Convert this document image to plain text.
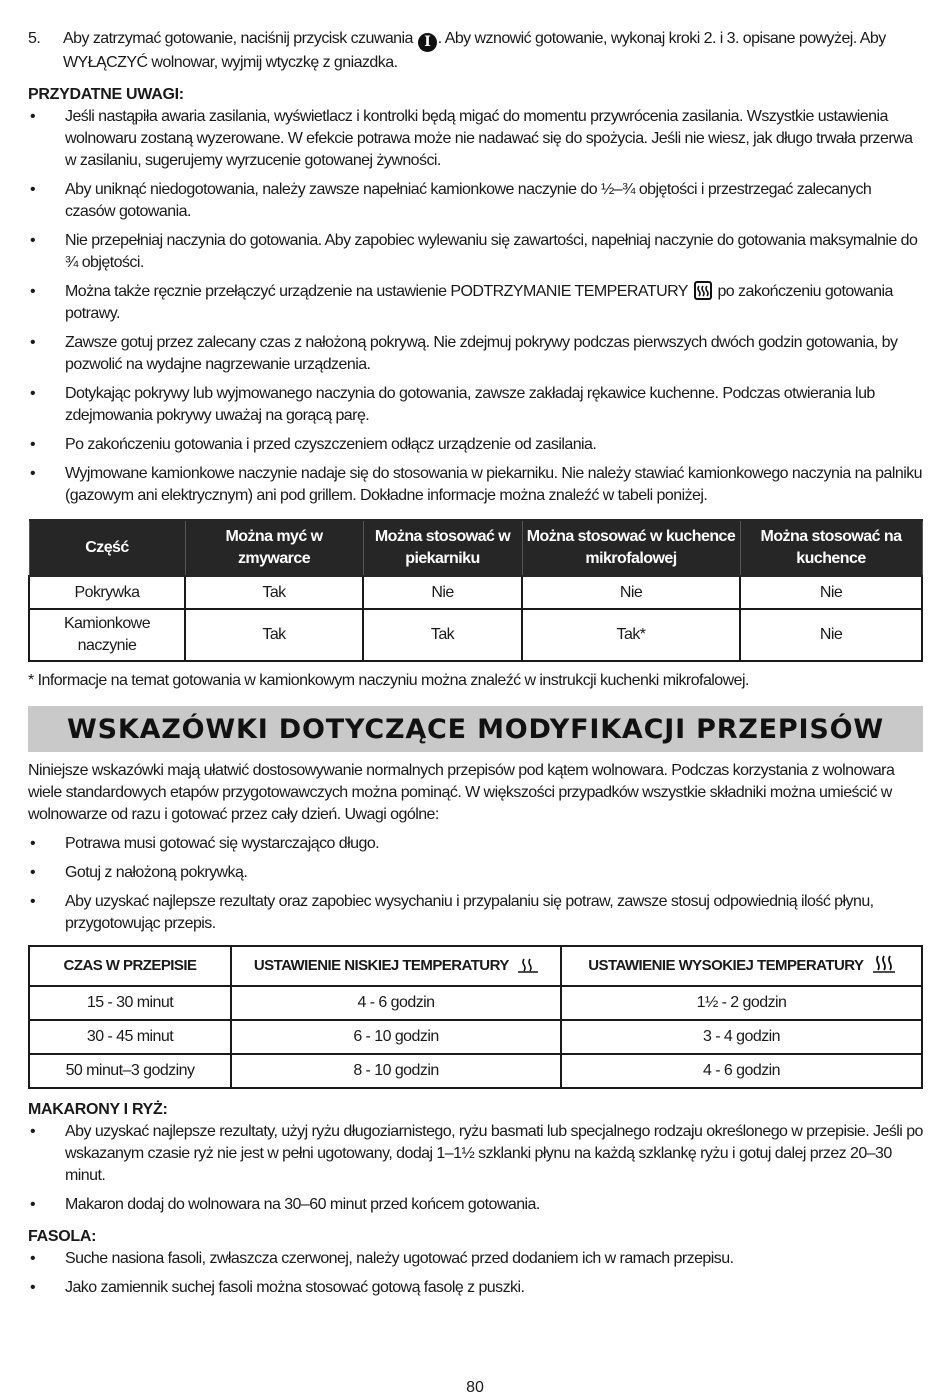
5.	Aby zatrzymać gotowanie, naciśnij przycisk czuwania I . Aby wznowić gotowanie, wykonaj kroki 2. i 3. opisane powyżej. Aby WYŁĄCZYĆ wolnowar, wyjmij wtyczkę z gniazdka.
PRZYDATNE UWAGI:
•	Jeśli nastąpiła awaria zasilania, wyświetlacz i kontrolki będą migać do momentu przywrócenia zasilania. Wszystkie ustawienia wolnowaru zostaną wyzerowane. W efekcie potrawa może nie nadawać się do spożycia. Jeśli nie wiesz, jak długo trwała przerwa w zasilaniu, sugerujemy wyrzucenie gotowanej żywności.
•	Aby uniknąć niedogotowania, należy zawsze napełniać kamionkowe naczynie do ½–¾ objętości i przestrzegać zalecanych czasów gotowania.
•	Nie przepełniaj naczynia do gotowania. Aby zapobiec wylewaniu się zawartości, napełniaj naczynie do gotowania maksymalnie do ¾ objętości.
•	Można także ręcznie przełączyć urządzenie na ustawienie PODTRZYMANIE TEMPERATURY po zakończeniu gotowania potrawy.
•	Zawsze gotuj przez zalecany czas z nałożoną pokrywą. Nie zdejmuj pokrywy podczas pierwszych dwóch godzin gotowania, by pozwolić na wydajne nagrzewanie urządzenia.
•	Dotykając pokrywy lub wyjmowanego naczynia do gotowania, zawsze zakładaj rękawice kuchenne. Podczas otwierania lub zdejmowania pokrywy uważaj na gorącą parę.
•	Po zakończeniu gotowania i przed czyszczeniem odłącz urządzenie od zasilania.
•	Wyjmowane kamionkowe naczynie nadaje się do stosowania w piekarniku. Nie należy stawiać kamionkowego naczynia na palniku (gazowym ani elektrycznym) ani pod grillem. Dokładne informacje można znaleźć w tabeli poniżej.
Część	Można myć w zmywarce	Można stosować w piekarniku	Można stosować w kuchence mikrofalowej	Można stosować na kuchence
Pokrywka	Tak	Nie	Nie	Nie
Kamionkowe naczynie	Tak	Tak	Tak*	Nie
* Informacje na temat gotowania w kamionkowym naczyniu można znaleźć w instrukcji kuchenki mikrofalowej.
WSKAZÓWKI DOTYCZĄCE MODYFIKACJI PRZEPISÓW
Niniejsze wskazówki mają ułatwić dostosowywanie normalnych przepisów pod kątem wolnowara. Podczas korzystania z wolnowara wiele standardowych etapów przygotowawczych można pominąć. W większości przypadków wszystkie składniki można umieścić w wolnowarze od razu i gotować przez cały dzień. Uwagi ogólne:
•	Potrawa musi gotować się wystarczająco długo.
•	Gotuj z nałożoną pokrywką.
•	Aby uzyskać najlepsze rezultaty oraz zapobiec wysychaniu i przypalaniu się potraw, zawsze stosuj odpowiednią ilość płynu, przygotowując przepis.
CZAS W PRZEPISIE	USTAWIENIE NISKIEJ TEMPERATURY	USTAWIENIE WYSOKIEJ TEMPERATURY
15 - 30 minut	4 - 6 godzin	1½ - 2 godzin
30 - 45 minut	6 - 10 godzin	3 - 4 godzin
50 minut–3 godziny	8 - 10 godzin	4 - 6 godzin
MAKARONY I RYŻ:
•	Aby uzyskać najlepsze rezultaty, użyj ryżu długoziarnistego, ryżu basmati lub specjalnego rodzaju określonego w przepisie. Jeśli po wskazanym czasie ryż nie jest w pełni ugotowany, dodaj 1–1½ szklanki płynu na każdą szklankę ryżu i gotuj dalej przez 20–30 minut.
•	Makaron dodaj do wolnowara na 30–60 minut przed końcem gotowania.
FASOLA:
•	Suche nasiona fasoli, zwłaszcza czerwonej, należy ugotować przed dodaniem ich w ramach przepisu.
•	Jako zamiennik suchej fasoli można stosować gotową fasolę z puszki.
80
